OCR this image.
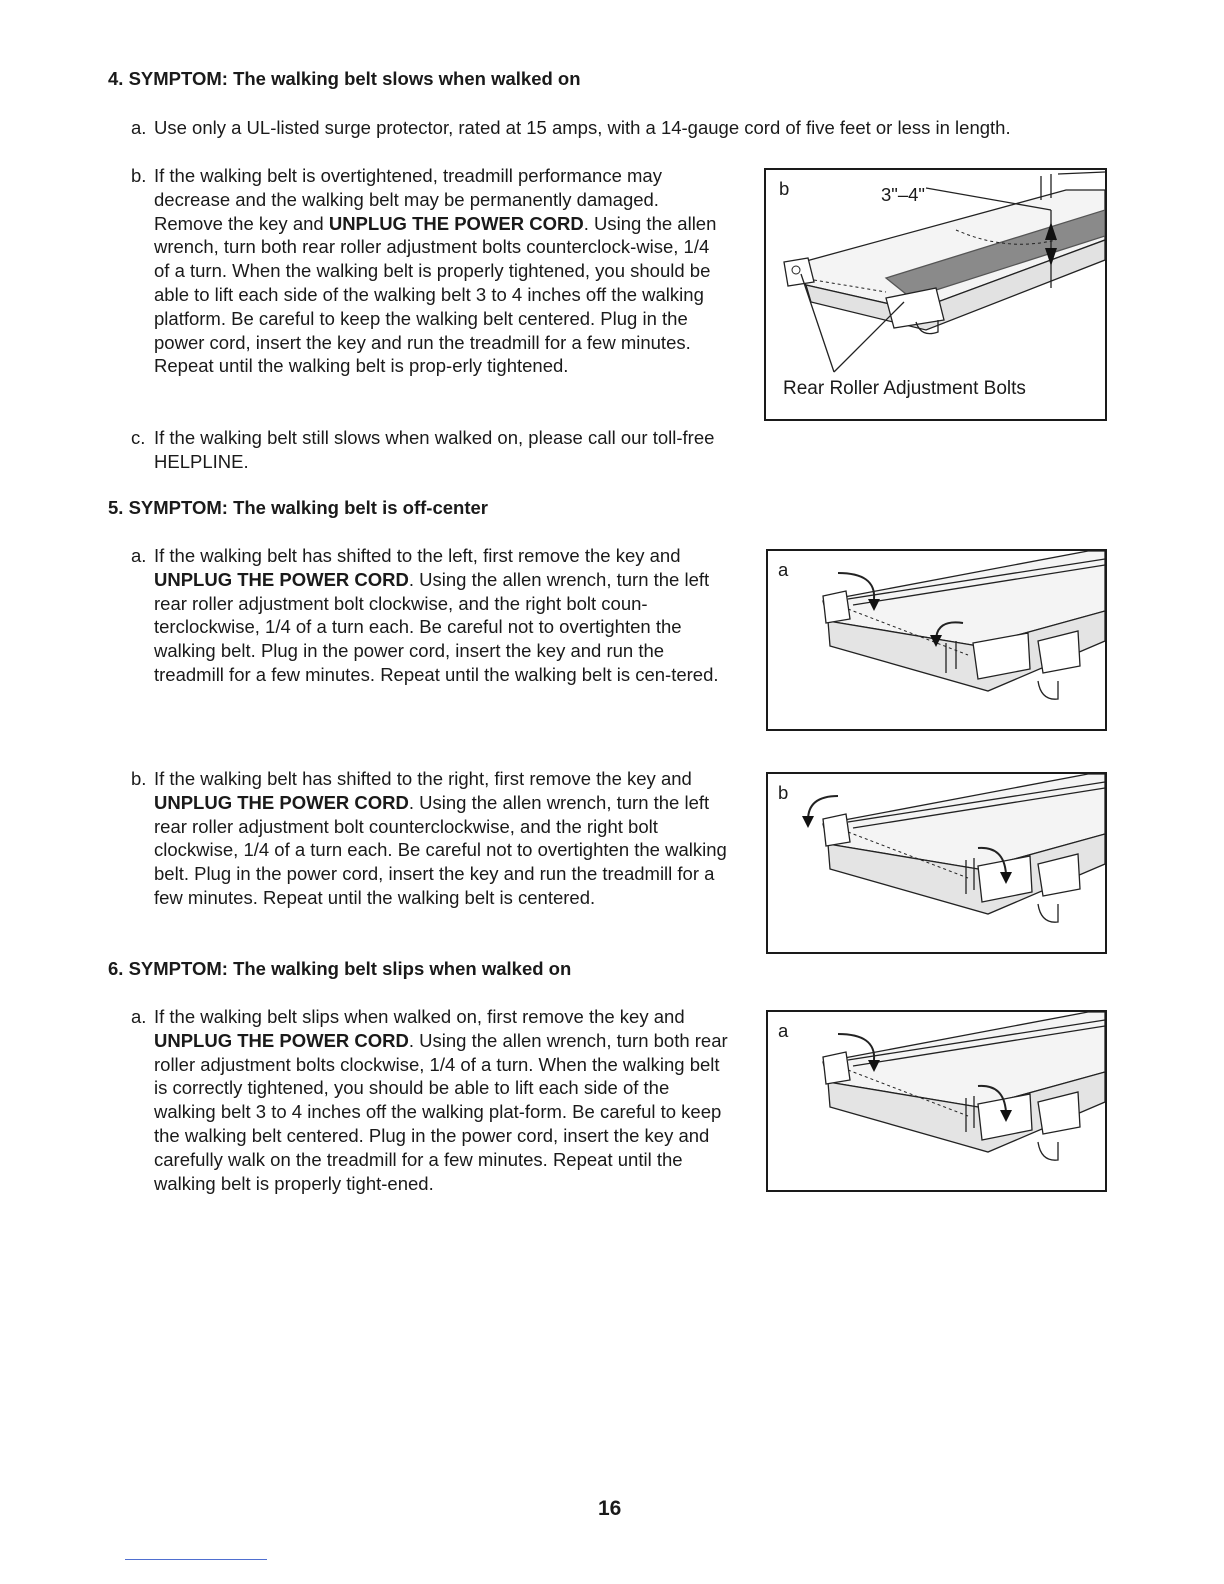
4. SYMPTOM: The walking belt slows when walked on
a. Use only a UL-listed surge protector, rated at 15 amps, with a 14-gauge cord of five feet or less in length.
b. If the walking belt is overtightened, treadmill performance may decrease and the walking belt may be permanently damaged. Remove the key and UNPLUG THE POWER CORD. Using the allen wrench, turn both rear roller adjustment bolts counterclock-wise, 1/4 of a turn. When the walking belt is properly tightened, you should be able to lift each side of the walking belt 3 to 4 inches off the walking platform. Be careful to keep the walking belt centered. Plug in the power cord, insert the key and run the treadmill for a few minutes. Repeat until the walking belt is prop-erly tightened.
c. If the walking belt still slows when walked on, please call our toll-free HELPLINE.
5. SYMPTOM: The walking belt is off-center
a. If the walking belt has shifted to the left, first remove the key and UNPLUG THE POWER CORD. Using the allen wrench, turn the left rear roller adjustment bolt clockwise, and the right bolt coun-terclockwise, 1/4 of a turn each. Be careful not to overtighten the walking belt. Plug in the power cord, insert the key and run the treadmill for a few minutes. Repeat until the walking belt is cen-tered.
b. If the walking belt has shifted to the right, first remove the key and UNPLUG THE POWER CORD. Using the allen wrench, turn the left rear roller adjustment bolt counterclockwise, and the right bolt clockwise, 1/4 of a turn each. Be careful not to overtighten the walking belt. Plug in the power cord, insert the key and run the treadmill for a few minutes. Repeat until the walking belt is centered.
6. SYMPTOM: The walking belt slips when walked on
a. If the walking belt slips when walked on, first remove the key and UNPLUG THE POWER CORD. Using the allen wrench, turn both rear roller adjustment bolts clockwise, 1/4 of a turn. When the walking belt is correctly tightened, you should be able to lift each side of the walking belt 3 to 4 inches off the walking plat-form. Be careful to keep the walking belt centered. Plug in the power cord, insert the key and carefully walk on the treadmill for a few minutes. Repeat until the walking belt is properly tight-ened.
b	3"–4"
Rear Roller Adjustment Bolts
a
b
a
16
